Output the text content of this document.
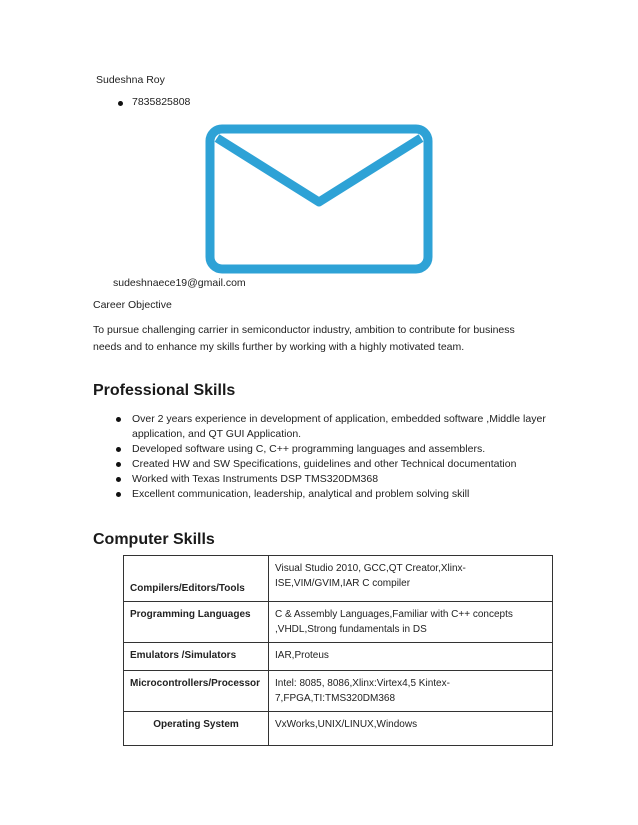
Sudeshna Roy
7835825808
sudeshnaece19@gmail.com
Career Objective
To pursue challenging carrier in semiconductor industry, ambition to contribute for business needs and to enhance my skills further by working with a highly motivated team.
Professional Skills
Over 2 years experience in development of application, embedded software ,Middle layer application, and QT GUI Application.
Developed software using C, C++ programming languages and assemblers.
Created HW and SW Specifications, guidelines and other Technical documentation
Worked with Texas Instruments DSP TMS320DM368
Excellent communication, leadership, analytical and problem solving skill
Computer Skills
Compilers/Editors/Tools	Visual Studio 2010, GCC,QT Creator,Xlinx-ISE,VIM/GVIM,IAR C compiler
Programming Languages	C & Assembly Languages,Familiar with C++ concepts ,VHDL,Strong fundamentals in DS
Emulators /Simulators	IAR,Proteus
Microcontrollers/Processor	Intel: 8085, 8086,Xlinx:Virtex4,5 Kintex-7,FPGA,TI:TMS320DM368
Operating System	VxWorks,UNIX/LINUX,Windows
